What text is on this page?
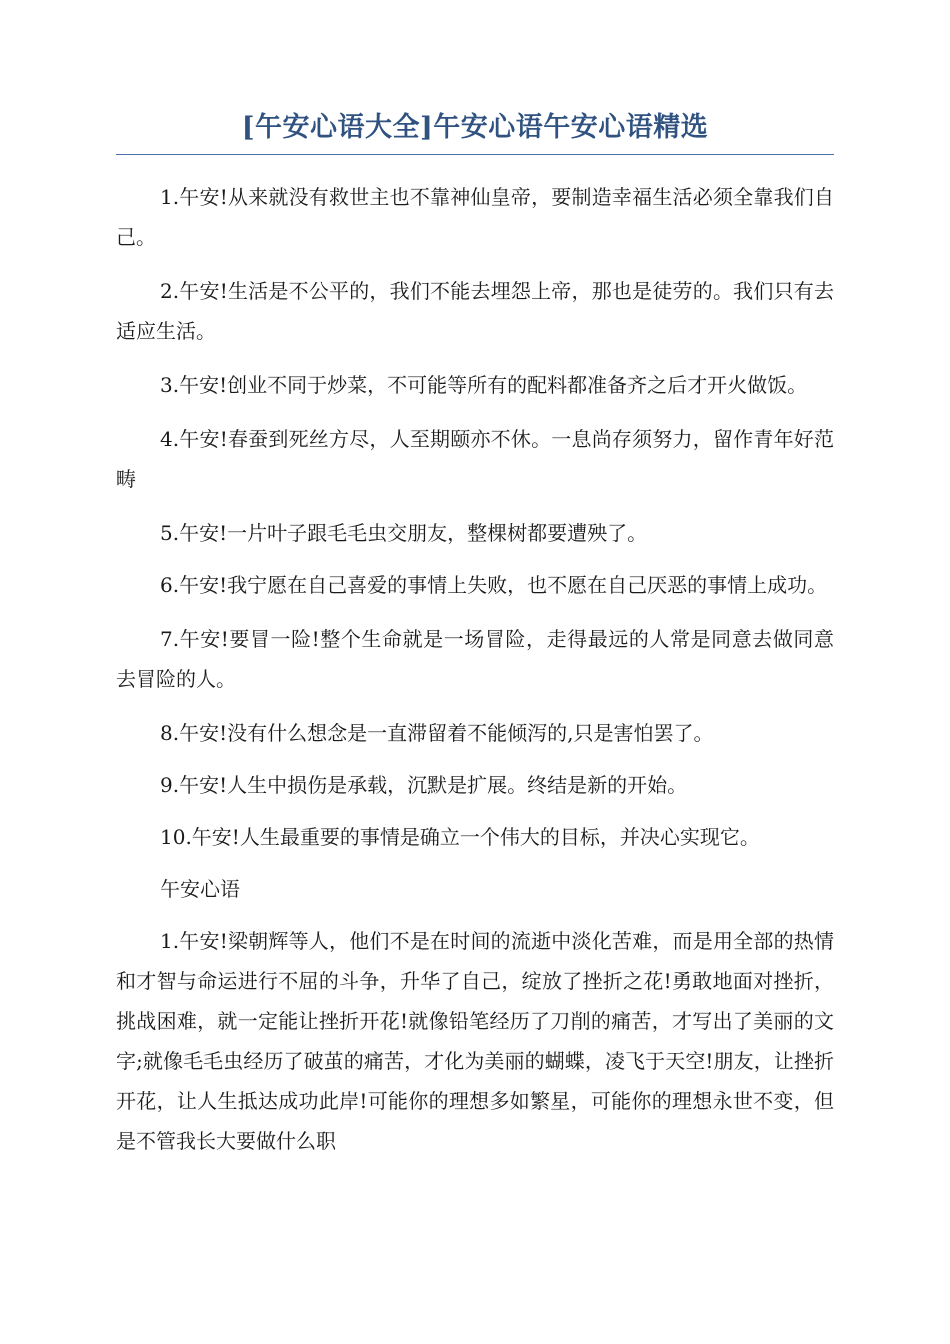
[午安心语大全]午安心语午安心语精选

1.午安!从来就没有救世主也不靠神仙皇帝，要制造幸福生活必须全靠我们自己。

2.午安!生活是不公平的，我们不能去埋怨上帝，那也是徒劳的。我们只有去适应生活。

3.午安!创业不同于炒菜，不可能等所有的配料都准备齐之后才开火做饭。

4.午安!春蚕到死丝方尽，人至期颐亦不休。一息尚存须努力，留作青年好范畴

5.午安!一片叶子跟毛毛虫交朋友，整棵树都要遭殃了。

6.午安!我宁愿在自己喜爱的事情上失败，也不愿在自己厌恶的事情上成功。

7.午安!要冒一险!整个生命就是一场冒险，走得最远的人常是同意去做同意去冒险的人。

8.午安!没有什么想念是一直滞留着不能倾泻的,只是害怕罢了。

9.午安!人生中损伤是承载，沉默是扩展。终结是新的开始。

10.午安!人生最重要的事情是确立一个伟大的目标，并决心实现它。

午安心语

1.午安!梁朝辉等人，他们不是在时间的流逝中淡化苦难，而是用全部的热情和才智与命运进行不屈的斗争，升华了自己，绽放了挫折之花!勇敢地面对挫折，挑战困难，就一定能让挫折开花!就像铅笔经历了刀削的痛苦，才写出了美丽的文字;就像毛毛虫经历了破茧的痛苦，才化为美丽的蝴蝶，凌飞于天空!朋友，让挫折开花，让人生抵达成功此岸!可能你的理想多如繁星，可能你的理想永世不变，但是不管我长大要做什么职
